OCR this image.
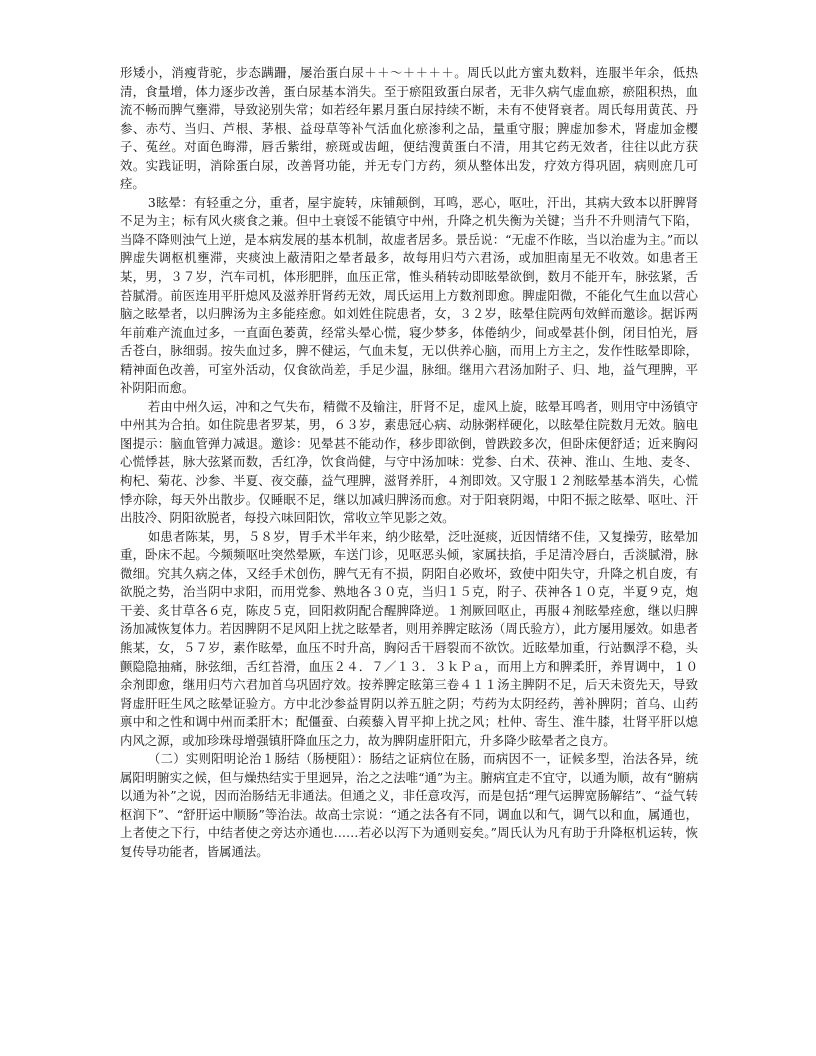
形矮小，消瘦背驼，步态蹒跚，屡治蛋白尿＋＋～＋＋＋＋。周氏以此方蜜丸数料，连服半年余，低热清，食量增，体力逐步改善，蛋白尿基本消失。至于瘀阻致蛋白尿者，无非久病气虚血瘀，瘀阻积热，血流不畅而脾气壅滞，导致泌别失常；如若经年累月蛋白尿持续不断，未有不使肾衰者。周氏每用黄芪、丹参、赤芍、当归、芦根、茅根、益母草等补气活血化瘀渗利之品，量重守服；脾虚加参术，肾虚加金樱子、菟丝。对面色晦滞，唇舌紫绀，瘀斑或齿衄，便结溲黄蛋白不清，用其它药无效者，往往以此方获效。实践证明，消除蛋白尿，改善肾功能，并无专门方药，须从整体出发，疗效方得巩固，病则庶几可痊。

3眩晕：有轻重之分，重者，屋宇旋转，床铺颠倒，耳鸣，恶心，呕吐，汗出，其病大致本以肝脾肾不足为主；标有风火痰食之兼。但中土衰馁不能镇守中州，升降之机失衡为关键；当升不升则清气下陷，当降不降则浊气上逆，是本病发展的基本机制，故虚者居多。景岳说：“无虚不作眩，当以治虚为主。”而以脾虚失调枢机壅滞，夹痰浊上蔽清阳之晕者最多，故每用归芍六君汤，或加胆南星无不收效。如患者王某，男，３７岁，汽车司机，体形肥胖，血压正常，惟头稍转动即眩晕欲倒，数月不能开车，脉弦紧，舌苔腻滑。前医连用平肝熄风及滋养肝肾药无效，周氏运用上方数剂即愈。脾虚阳微，不能化气生血以营心脑之眩晕者，以归脾汤为主多能痊愈。如刘姓住院患者，女，３２岁，眩晕住院两旬效鲜而邀诊。据诉两年前难产流血过多，一直面色萎黄，经常头晕心慌，寝少梦多，体倦纳少，间或晕甚仆倒，闭目怕光，唇舌苍白，脉细弱。按失血过多，脾不健运，气血未复，无以供养心脑，而用上方主之，发作性眩晕即除，精神面色改善，可室外活动，仅食欲尚差，手足少温，脉细。继用六君汤加附子、归、地，益气理脾，平补阴阳而愈。

若由中州久运，冲和之气失布，精微不及输注，肝肾不足，虚风上旋，眩晕耳鸣者，则用守中汤镇守中州其为合拍。如住院患者罗某，男，６３岁，素患冠心病、动脉粥样硬化，以眩晕住院数月无效。脑电图提示：脑血管弹力减退。邀诊：见晕甚不能动作，移步即欲倒，曾跌跤多次，但卧床便舒适；近来胸闷心慌悸甚，脉大弦紧而数，舌红净，饮食尚健，与守中汤加味：党参、白术、茯神、淮山、生地、麦冬、枸杞、菊花、沙参、半夏、夜交藤，益气理脾，滋肾养肝，４剂即效。又守服１２剂眩晕基本消失，心慌悸亦除，每天外出散步。仅睡眠不足，继以加减归脾汤而愈。对于阳衰阴竭，中阳不振之眩晕、呕吐、汗出肢冷、阴阳欲脱者，每投六味回阳饮，常收立竿见影之效。

如患者陈某，男，５８岁，胃手术半年来，纳少眩晕，泛吐涎痰，近因情绪不佳，又复操劳，眩晕加重，卧床不起。今频频呕吐突然晕厥，车送门诊，见呕恶头倾，家属扶掐，手足清冷唇白，舌淡腻滑，脉微细。究其久病之体，又经手术创伤，脾气无有不损，阴阳自必败坏，致使中阳失守，升降之机自废，有欲脱之势，治当阴中求阳，而用党参、熟地各３０克，当归１５克，附子、茯神各１０克，半夏９克，炮干姜、炙甘草各６克，陈皮５克，回阳救阴配合醒脾降逆。１剂厥回呕止，再服４剂眩晕痊愈，继以归脾汤加减恢复体力。若因脾阴不足风阳上扰之眩晕者，则用养脾定眩汤（周氏验方），此方屡用屡效。如患者熊某，女，５７岁，素作眩晕，血压不时升高，胸闷舌干唇裂而不欲饮。近眩晕加重，行站飘浮不稳，头颤隐隐抽痛，脉弦细，舌红苔滑，血压２４．７／１３．３ｋＰａ，而用上方和脾柔肝，养胃调中，１０余剂即愈，继用归芍六君加首乌巩固疗效。按养脾定眩第三卷４１１汤主脾阴不足，后天未资先天，导致肾虚肝旺生风之眩晕证验方。方中北沙参益胃阴以养五脏之阴；芍药为太阴经药，善补脾阴；首乌、山药禀中和之性和调中州而柔肝木；配僵蚕、白蒺藜入胃平抑上扰之风；杜仲、寄生、淮牛膝，壮肾平肝以熄内风之源，或加珍珠母增强镇肝降血压之力，故为脾阴虚肝阳亢，升多降少眩晕者之良方。

（二）实则阳明论治１肠结（肠梗阻）：肠结之证病位在肠，而病因不一，证候多型，治法各异，统属阳明腑实之候，但与燥热结实于里迥异，治之之法唯“通”为主。腑病宜走不宜守，以通为顺，故有“腑病以通为补”之说，因而治肠结无非通法。但通之义，非任意攻泻，而是包括“理气运脾宽肠解结”、“益气转枢润下”、“舒肝运中顺肠”等治法。故高士宗说：“通之法各有不同，调血以和气，调气以和血，属通也，上者使之下行，中结者使之旁达亦通也……若必以泻下为通则妄矣。”周氏认为凡有助于升降枢机运转，恢复传导功能者，皆属通法。
